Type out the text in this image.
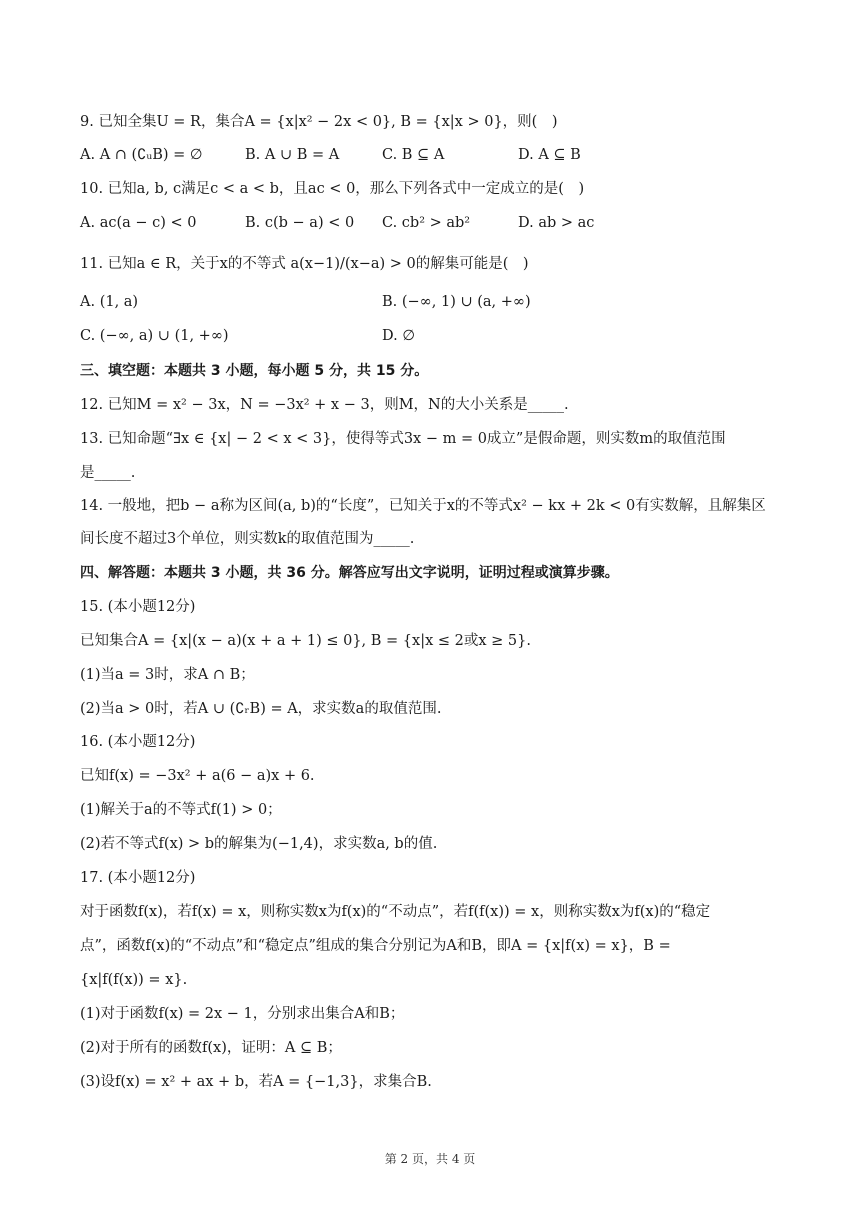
9. 已知全集U = R，集合A = {x|x² − 2x < 0}, B = {x|x > 0}，则(　)
A. A ∩ (∁ᵤB) = ∅	B. A ∪ B = A	C. B ⊆ A	D. A ⊆ B
10. 已知a, b, c满足c < a < b，且ac < 0，那么下列各式中一定成立的是(　)
A. ac(a − c) < 0	B. c(b − a) < 0 C. cb² > ab²	D. ab > ac
11. 已知a ∈ R，关于x的不等式 a(x−1)/(x−a) > 0的解集可能是(　)
A. (1, a)	B. (−∞, 1) ∪ (a, +∞)
C. (−∞, a) ∪ (1, +∞)	D. ∅
三、填空题：本题共 3 小题，每小题 5 分，共 15 分。
12. 已知M = x² − 3x，N = −3x² + x − 3，则M，N的大小关系是_____.
13. 已知命题“∃x ∈ {x| − 2 < x < 3}，使得等式3x − m = 0成立”是假命题，则实数m的取值范围
是_____.
14. 一般地，把b − a称为区间(a, b)的“长度”，已知关于x的不等式x² − kx + 2k < 0有实数解，且解集区
间长度不超过3个单位，则实数k的取值范围为_____.
四、解答题：本题共 3 小题，共 36 分。解答应写出文字说明，证明过程或演算步骤。
15. (本小题12分)
已知集合A = {x|(x − a)(x + a + 1) ≤ 0}, B = {x|x ≤ 2或x ≥ 5}.
(1)当a = 3时，求A ∩ B；
(2)当a > 0时，若A ∪ (∁ᵣB) = A，求实数a的取值范围.
16. (本小题12分)
已知f(x) = −3x² + a(6 − a)x + 6.
(1)解关于a的不等式f(1) > 0；
(2)若不等式f(x) > b的解集为(−1,4)，求实数a, b的值.
17. (本小题12分)
对于函数f(x)，若f(x) = x，则称实数x为f(x)的“不动点”，若f(f(x)) = x，则称实数x为f(x)的“稳定
点”，函数f(x)的“不动点”和“稳定点”组成的集合分别记为A和B，即A = {x|f(x) = x}，B =
{x|f(f(x)) = x}.
(1)对于函数f(x) = 2x − 1，分别求出集合A和B；
(2)对于所有的函数f(x)，证明：A ⊆ B；
(3)设f(x) = x² + ax + b，若A = {−1,3}，求集合B.
第 2 页，共 4 页
